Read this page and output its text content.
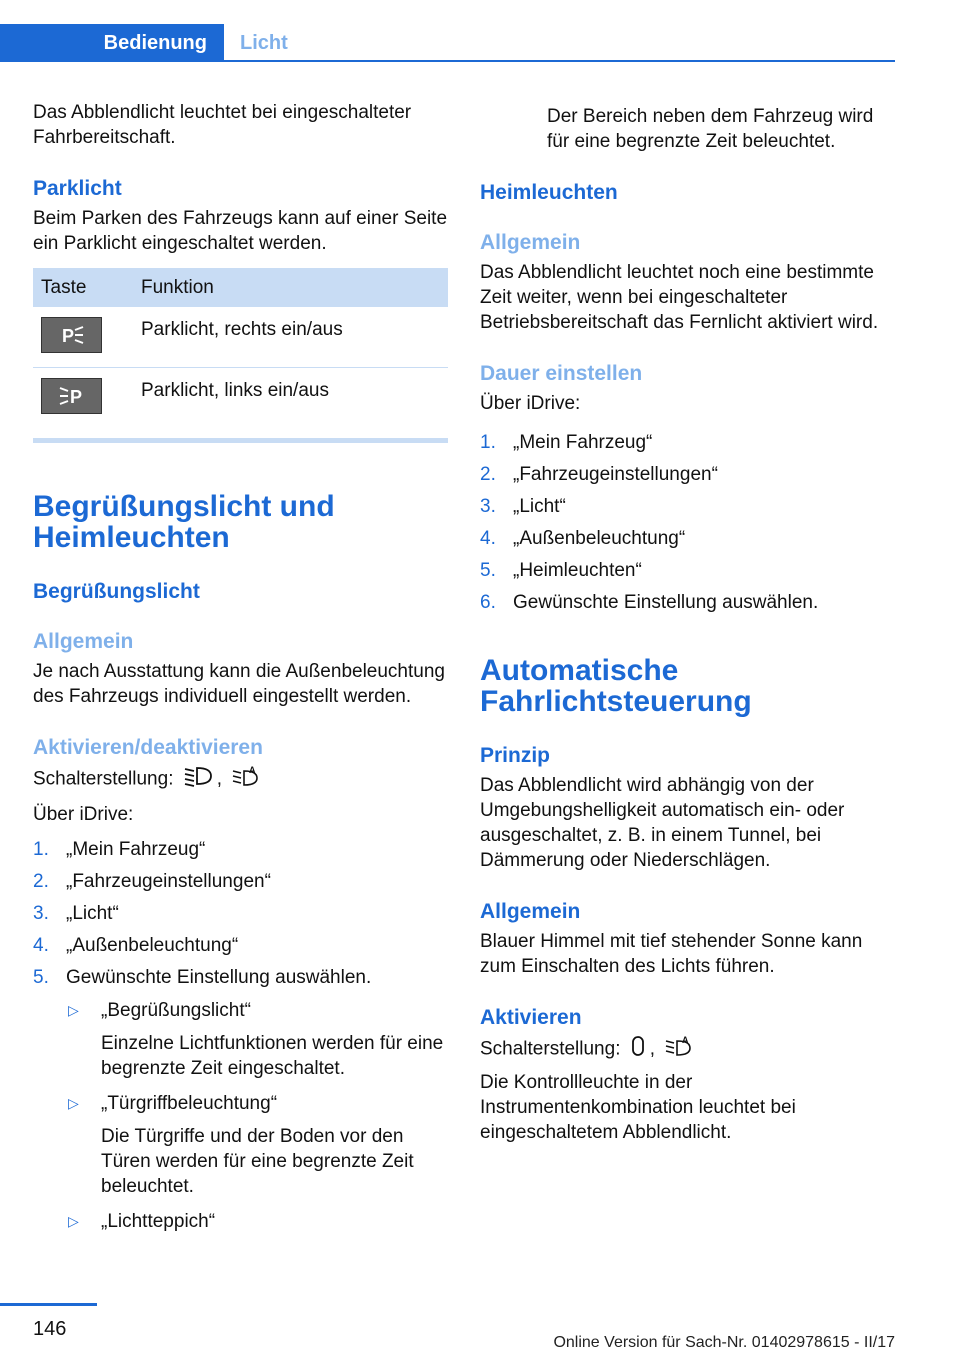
Bedienung	Licht

Das Abblendlicht leuchtet bei eingeschalteter Fahrbereitschaft.

Parklicht

Beim Parken des Fahrzeugs kann auf einer Seite ein Parklicht eingeschaltet werden.

Taste	Funktion

P	Parklicht, rechts ein/aus

P	Parklicht, links ein/aus
Begrüßungslicht und Heimleuchten
Begrüßungslicht
Allgemein

Je nach Ausstattung kann die Außenbeleuchtung des Fahrzeugs individuell eingestellt werden.

Aktivieren/deaktivieren

Schalterstellung: , A

Über iDrive:

1. „Mein Fahrzeug“
2. „Fahrzeugeinstellungen“
3. „Licht“
4. „Außenbeleuchtung“
5. Gewünschte Einstellung auswählen.
▷ „Begrüßungslicht“
Einzelne Lichtfunktionen werden für eine begrenzte Zeit eingeschaltet.
▷ „Türgriffbeleuchtung“
Die Türgriffe und der Boden vor den Türen werden für eine begrenzte Zeit beleuchtet.
▷ „Lichtteppich“

Der Bereich neben dem Fahrzeug wird für eine begrenzte Zeit beleuchtet.

Heimleuchten
Allgemein

Das Abblendlicht leuchtet noch eine bestimmte Zeit weiter, wenn bei eingeschalteter Betriebsbereitschaft das Fernlicht aktiviert wird.

Dauer einstellen

Über iDrive:

1. „Mein Fahrzeug“
2. „Fahrzeugeinstellungen“
3. „Licht“
4. „Außenbeleuchtung“
5. „Heimleuchten“
6. Gewünschte Einstellung auswählen.
Automatische Fahrlichtsteuerung
Prinzip

Das Abblendlicht wird abhängig von der Umgebungshelligkeit automatisch ein- oder ausgeschaltet, z. B. in einem Tunnel, bei Dämmerung oder Niederschlägen.

Allgemein

Blauer Himmel mit tief stehender Sonne kann zum Einschalten des Lichts führen.

Aktivieren

Schalterstellung: , A

Die Kontrollleuchte in der Instrumentenkombination leuchtet bei eingeschaltetem Abblendlicht.

146
Online Version für Sach-Nr. 01402978615 - II/17
